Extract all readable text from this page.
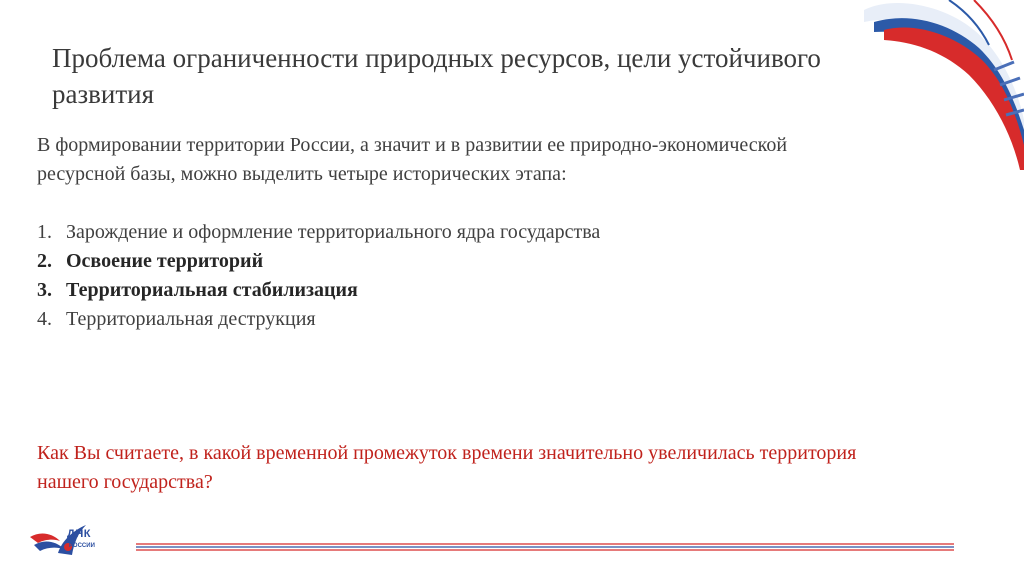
Проблема ограниченности природных ресурсов, цели устойчивого развития

В формировании территории России, а значит и в развитии ее природно-экономической ресурсной базы, можно выделить четыре исторических этапа:

1. Зарождение и оформление территориального ядра государства
2. Освоение территорий
3. Территориальная стабилизация
4. Территориальная деструкция

Как Вы считаете, в какой временной промежуток времени значительно увеличилась территория нашего государства?

ДНК
РОССИИ
